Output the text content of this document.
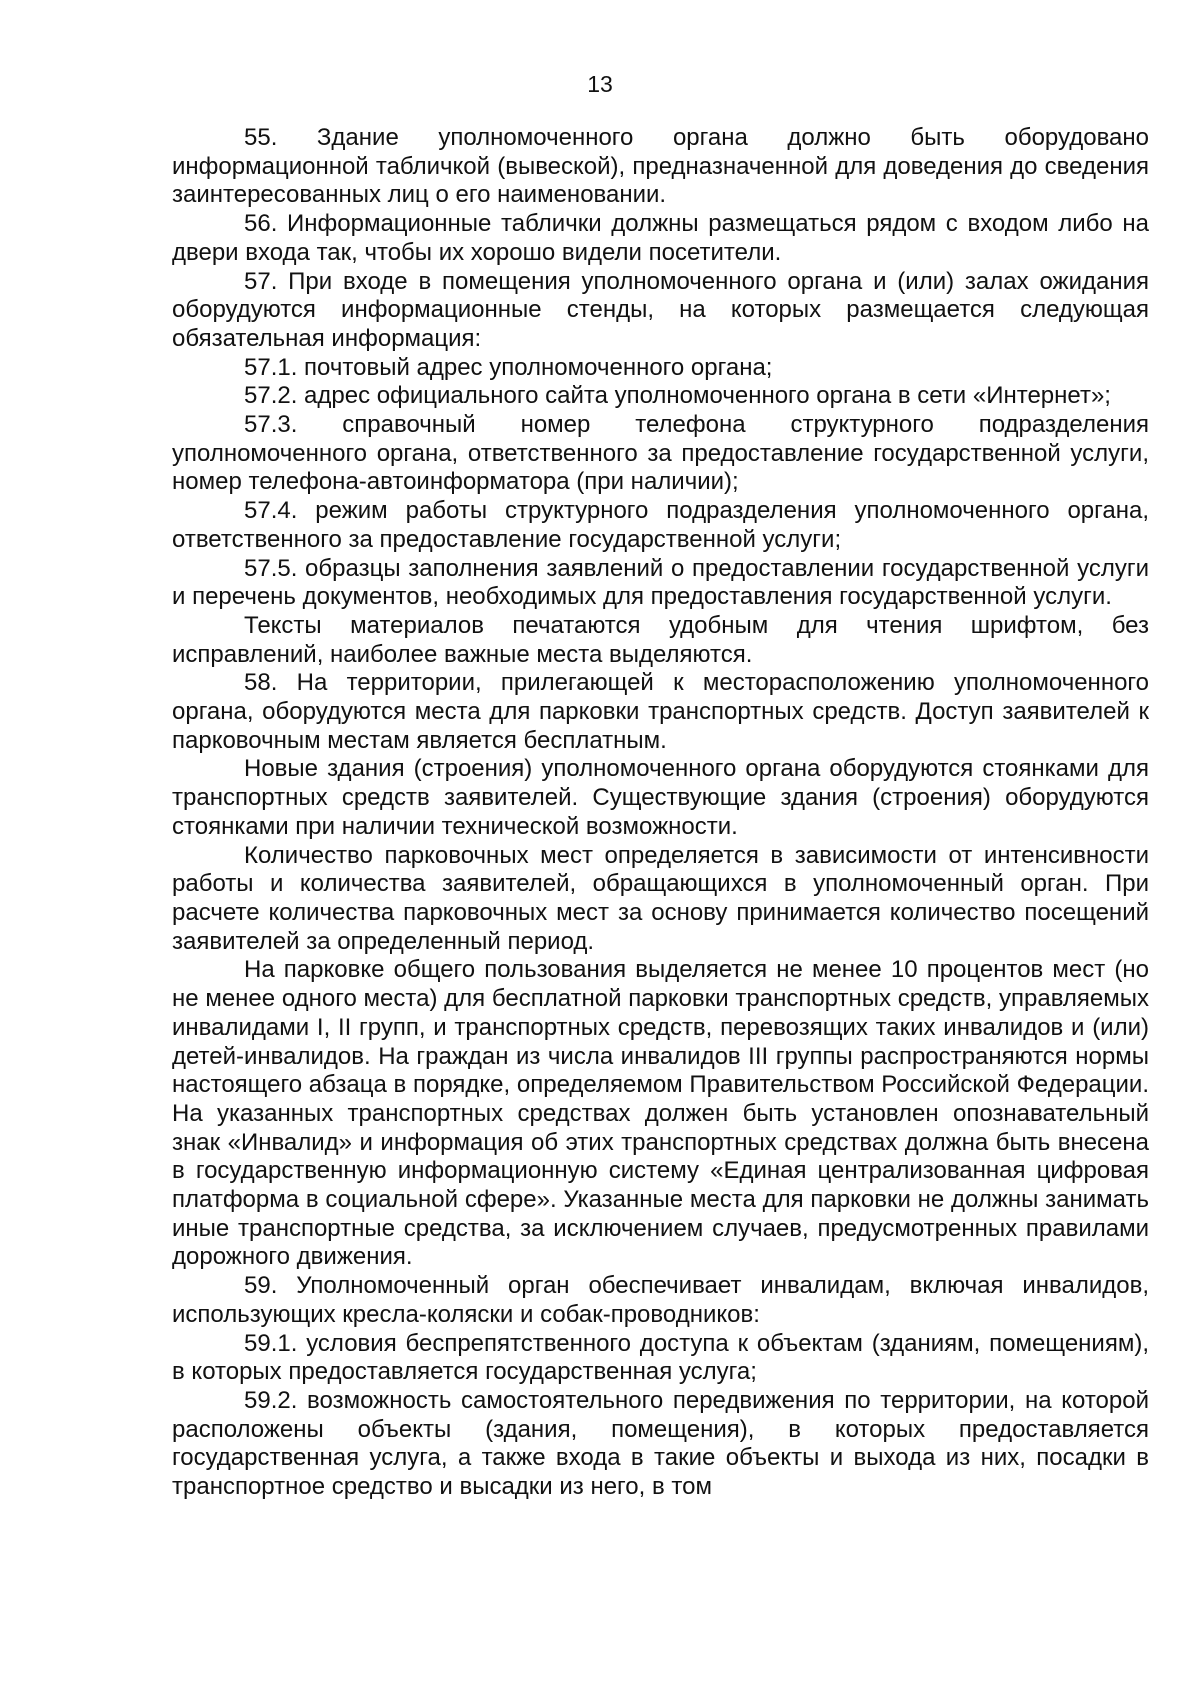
13

55. Здание уполномоченного органа должно быть оборудовано информационной табличкой (вывеской), предназначенной для доведения до сведения заинтересованных лиц о его наименовании.

56. Информационные таблички должны размещаться рядом с входом либо на двери входа так, чтобы их хорошо видели посетители.

57. При входе в помещения уполномоченного органа и (или) залах ожидания оборудуются информационные стенды, на которых размещается следующая обязательная информация:

57.1. почтовый адрес уполномоченного органа;

57.2. адрес официального сайта уполномоченного органа в сети «Интернет»;

57.3. справочный номер телефона структурного подразделения уполномоченного органа, ответственного за предоставление государственной услуги, номер телефона-автоинформатора (при наличии);

57.4. режим работы структурного подразделения уполномоченного органа, ответственного за предоставление государственной услуги;

57.5. образцы заполнения заявлений о предоставлении государственной услуги и перечень документов, необходимых для предоставления государственной услуги.

Тексты материалов печатаются удобным для чтения шрифтом, без исправлений, наиболее важные места выделяются.

58. На территории, прилегающей к месторасположению уполномоченного органа, оборудуются места для парковки транспортных средств. Доступ заявителей к парковочным местам является бесплатным.

Новые здания (строения) уполномоченного органа оборудуются стоянками для транспортных средств заявителей. Существующие здания (строения) оборудуются стоянками при наличии технической возможности.

Количество парковочных мест определяется в зависимости от интенсивности работы и количества заявителей, обращающихся в уполномоченный орган. При расчете количества парковочных мест за основу принимается количество посещений заявителей за определенный период.

На парковке общего пользования выделяется не менее 10 процентов мест (но не менее одного места) для бесплатной парковки транспортных средств, управляемых инвалидами I, II групп, и транспортных средств, перевозящих таких инвалидов и (или) детей-инвалидов. На граждан из числа инвалидов III группы распространяются нормы настоящего абзаца в порядке, определяемом Правительством Российской Федерации. На указанных транспортных средствах должен быть установлен опознавательный знак «Инвалид» и информация об этих транспортных средствах должна быть внесена в государственную информационную систему «Единая централизованная цифровая платформа в социальной сфере». Указанные места для парковки не должны занимать иные транспортные средства, за исключением случаев, предусмотренных правилами дорожного движения.

59. Уполномоченный орган обеспечивает инвалидам, включая инвалидов, использующих кресла-коляски и собак-проводников:

59.1. условия беспрепятственного доступа к объектам (зданиям, помещениям), в которых предоставляется государственная услуга;

59.2. возможность самостоятельного передвижения по территории, на которой расположены объекты (здания, помещения), в которых предоставляется государственная услуга, а также входа в такие объекты и выхода из них, посадки в транспортное средство и высадки из него, в том
